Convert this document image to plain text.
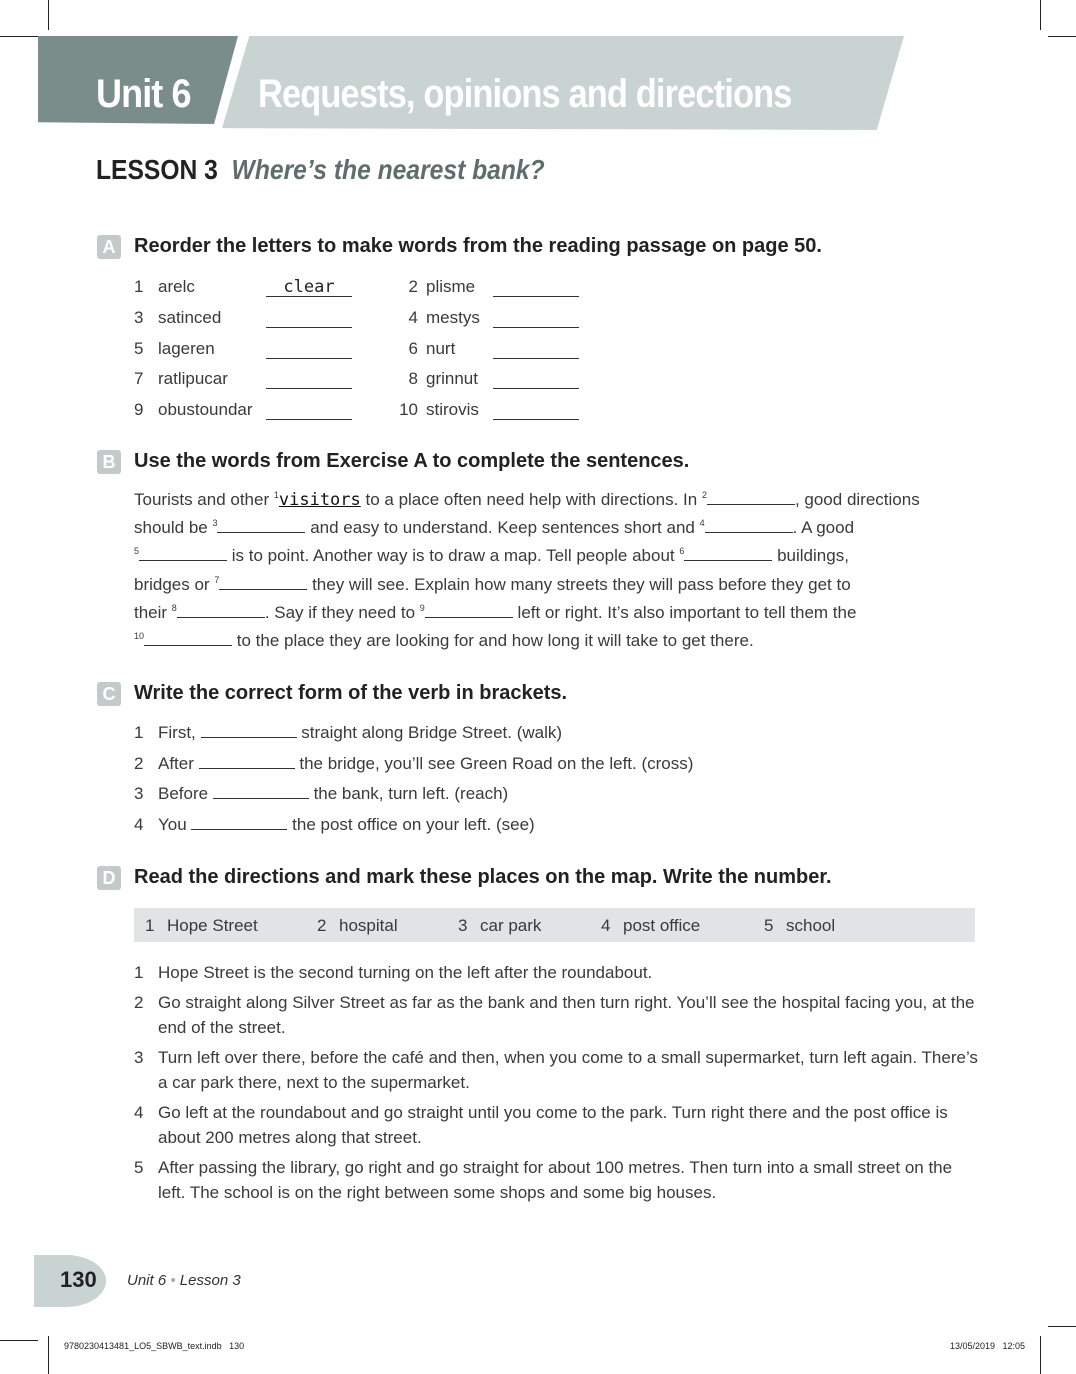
Unit 6 Requests, opinions and directions
LESSON 3 Where’s the nearest bank?
A Reorder the letters to make words from the reading passage on page 50.
1 arelc	clear	2 plisme
3 satinced	4 mestys
5 lageren	6 nurt
7 ratlipucar	8 grinnut
9 obustoundar	10 stirovis
B Use the words from Exercise A to complete the sentences.
Tourists and other $^1$visitors to a place often need help with directions. In $^2$	, good directions
should be $^3$	and easy to understand. Keep sentences short and $^4$	. A good
$^5$	is to point. Another way is to draw a map. Tell people about $^6$	buildings,
bridges or $^7$	they will see. Explain how many streets they will pass before they get to
their $^8$	. Say if they need to $^9$	left or right. It’s also important to tell them the
$^{10}$	to the place they are looking for and how long it will take to get there.
C Write the correct form of the verb in brackets.
1 First,	straight along Bridge Street. (walk)
2 After	the bridge, you’ll see Green Road on the left. (cross)
3 Before	the bank, turn left. (reach)
4 You	the post office on your left. (see)
D Read the directions and mark these places on the map. Write the number.
1 Hope Street	2 hospital	3 car park	4 post office	5 school
1 Hope Street is the second turning on the left after the roundabout.
2 Go straight along Silver Street as far as the bank and then turn right. You’ll see the hospital facing you, at the end of the street.
3 Turn left over there, before the café and then, when you come to a small supermarket, turn left again. There’s a car park there, next to the supermarket.
4 Go left at the roundabout and go straight until you come to the park. Turn right there and the post office is about 200 metres along that street.
5 After passing the library, go right and go straight for about 100 metres. Then turn into a small street on the left. The school is on the right between some shops and some big houses.
130 Unit 6 • Lesson 3
9780230413481_LO5_SBWB_text.indb   130	13/05/2019   12:05
